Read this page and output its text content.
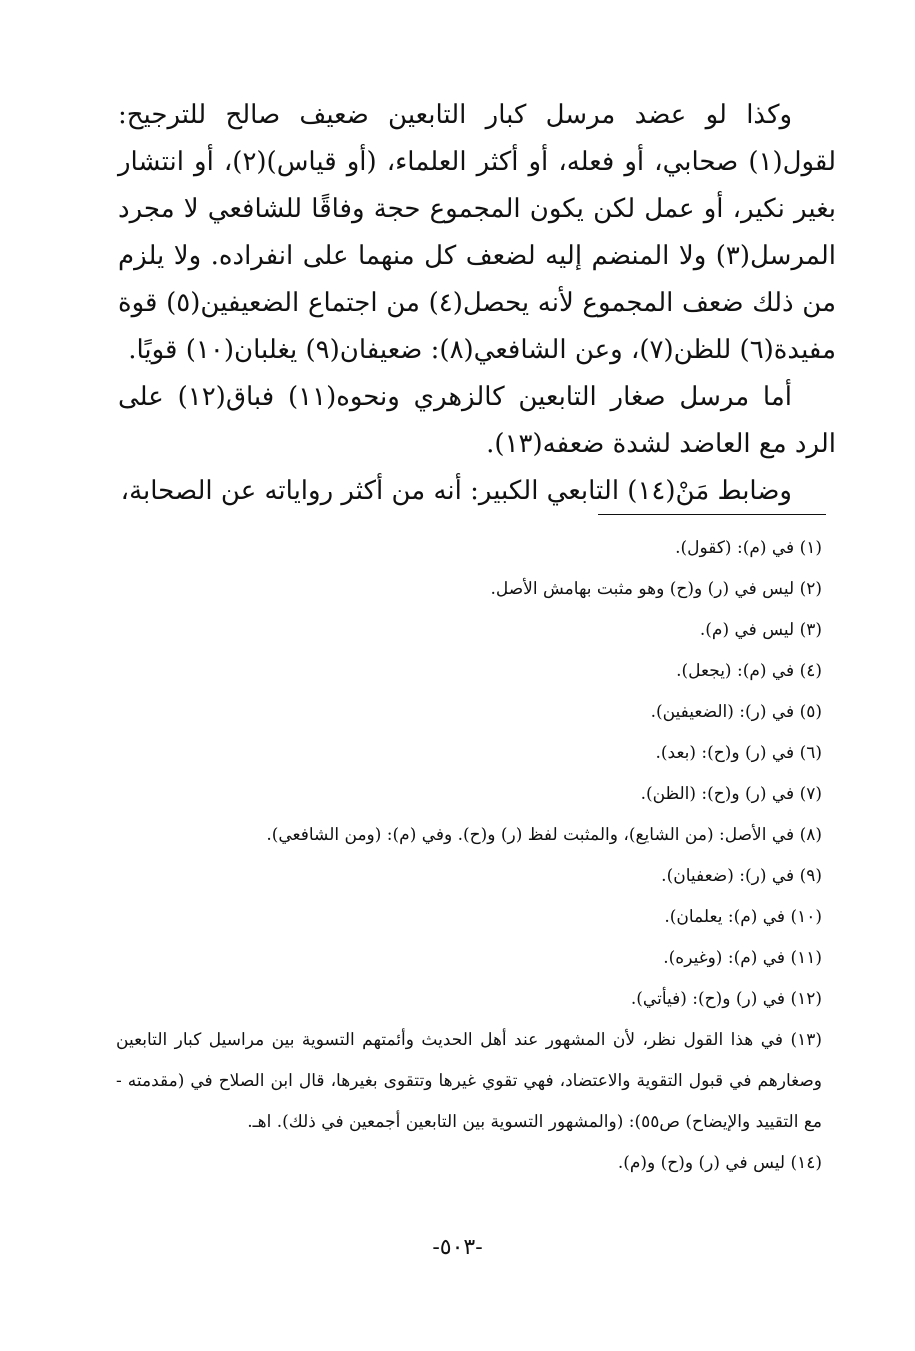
وكذا لو عضد مرسل كبار التابعين ضعيف صالح للترجيح: لقول(١) صحابي، أو فعله، أو أكثر العلماء، (أو قياس)(٢)، أو انتشار بغير نكير، أو عمل لكن يكون المجموع حجة وفاقًا للشافعي لا مجرد المرسل(٣) ولا المنضم إليه لضعف كل منهما على انفراده. ولا يلزم من ذلك ضعف المجموع لأنه يحصل(٤) من اجتماع الضعيفين(٥) قوة مفيدة(٦) للظن(٧)، وعن الشافعي(٨): ضعيفان(٩) يغلبان(١٠) قويًا.

أما مرسل صغار التابعين كالزهري ونحوه(١١) فباق(١٢) على الرد مع العاضد لشدة ضعفه(١٣).

وضابط مَنْ(١٤) التابعي الكبير: أنه من أكثر رواياته عن الصحابة،

(١) في (م): (كقول).

(٢) ليس في (ر) و(ح) وهو مثبت بهامش الأصل.

(٣) ليس في (م).

(٤) في (م): (يجعل).

(٥) في (ر): (الضعيفين).

(٦) في (ر) و(ح): (بعد).

(٧) في (ر) و(ح): (الظن).

(٨) في الأصل: (من الشايع)، والمثبت لفظ (ر) و(ح). وفي (م): (ومن الشافعي).

(٩) في (ر): (ضعفيان).

(١٠) في (م): يعلمان).

(١١) في (م): (وغيره).

(١٢) في (ر) و(ح): (فيأتي).

(١٣) في هذا القول نظر، لأن المشهور عند أهل الحديث وأئمتهم التسوية بين مراسيل كبار التابعين وصغارهم في قبول التقوية والاعتضاد، فهي تقوي غيرها وتتقوى بغيرها، قال ابن الصلاح في (مقدمته - مع التقييد والإيضاح) ص٥٥): (والمشهور التسوية بين التابعين أجمعين في ذلك). اهـ.

(١٤) ليس في (ر) و(ح) و(م).

-٥٠٣-
